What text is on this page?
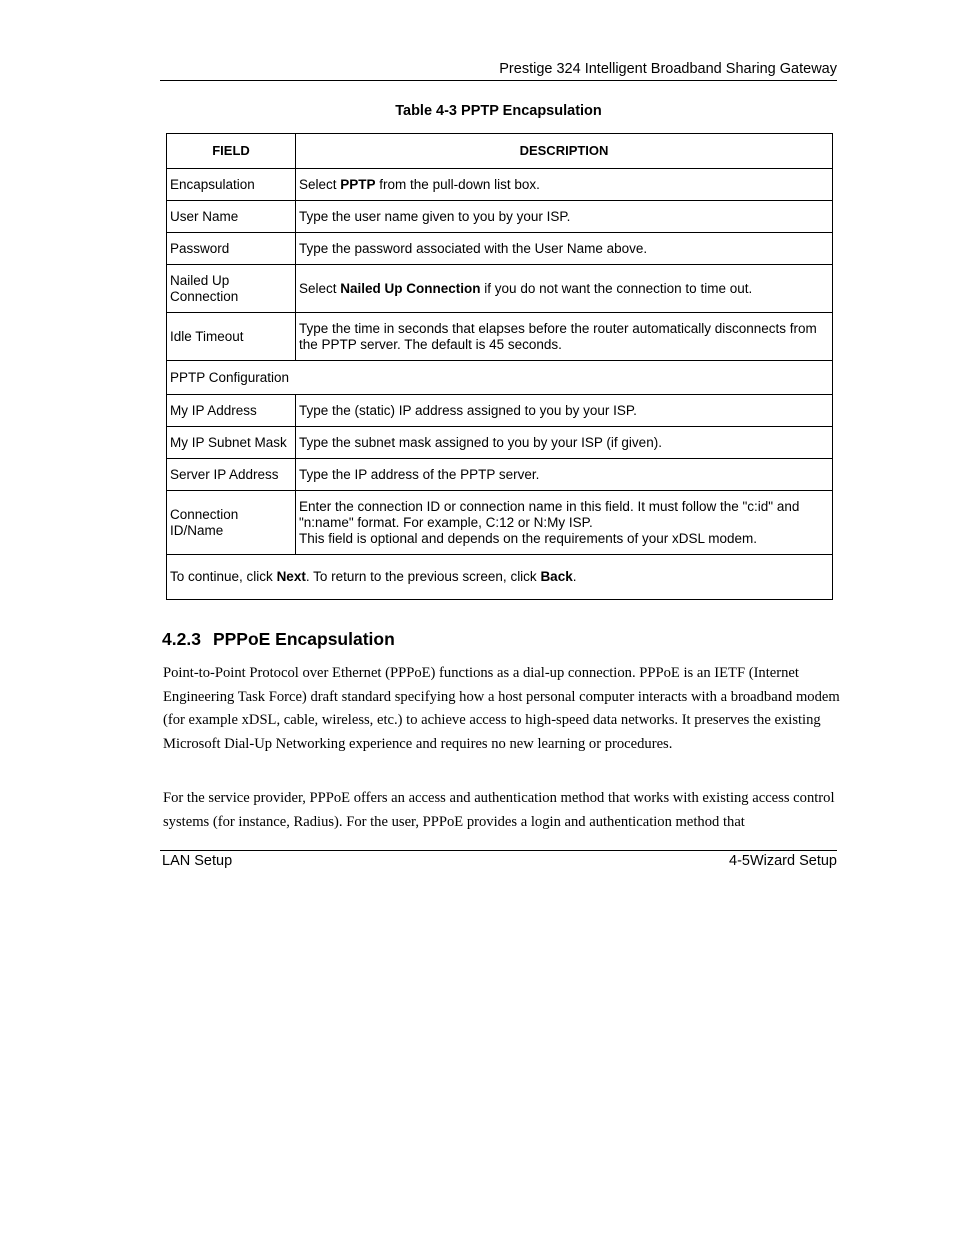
Prestige 324 Intelligent Broadband Sharing Gateway
Table 4-3 PPTP Encapsulation
FIELD	DESCRIPTION
Encapsulation	Select PPTP from the pull-down list box.
User Name	Type the user name given to you by your ISP.
Password	Type the password associated with the User Name above.
Nailed Up Connection	Select Nailed Up Connection if you do not want the connection to time out.
Idle Timeout	Type the time in seconds that elapses before the router automatically disconnects from the PPTP server. The default is 45 seconds.
PPTP Configuration	
My IP Address	Type the (static) IP address assigned to you by your ISP.
My IP Subnet Mask	Type the subnet mask assigned to you by your ISP (if given).
Server IP Address	Type the IP address of the PPTP server.
Connection ID/Name	Enter the connection ID or connection name in this field. It must follow the "c:id" and "n:name" format. For example, C:12 or N:My ISP.
This field is optional and depends on the requirements of your xDSL modem.

To continue, click Next. To return to the previous screen, click Back.	
4.2.3 PPPoE Encapsulation

Point-to-Point Protocol over Ethernet (PPPoE) functions as a dial-up connection. PPPoE is an IETF (Internet Engineering Task Force) draft standard specifying how a host personal computer interacts with a broadband modem (for example xDSL, cable, wireless, etc.) to achieve access to high-speed data networks. It preserves the existing Microsoft Dial-Up Networking experience and requires no new learning or procedures.

For the service provider, PPPoE offers an access and authentication method that works with existing access control systems (for instance, Radius). For the user, PPPoE provides a login and authentication method that

LAN Setup	4-5Wizard Setup
